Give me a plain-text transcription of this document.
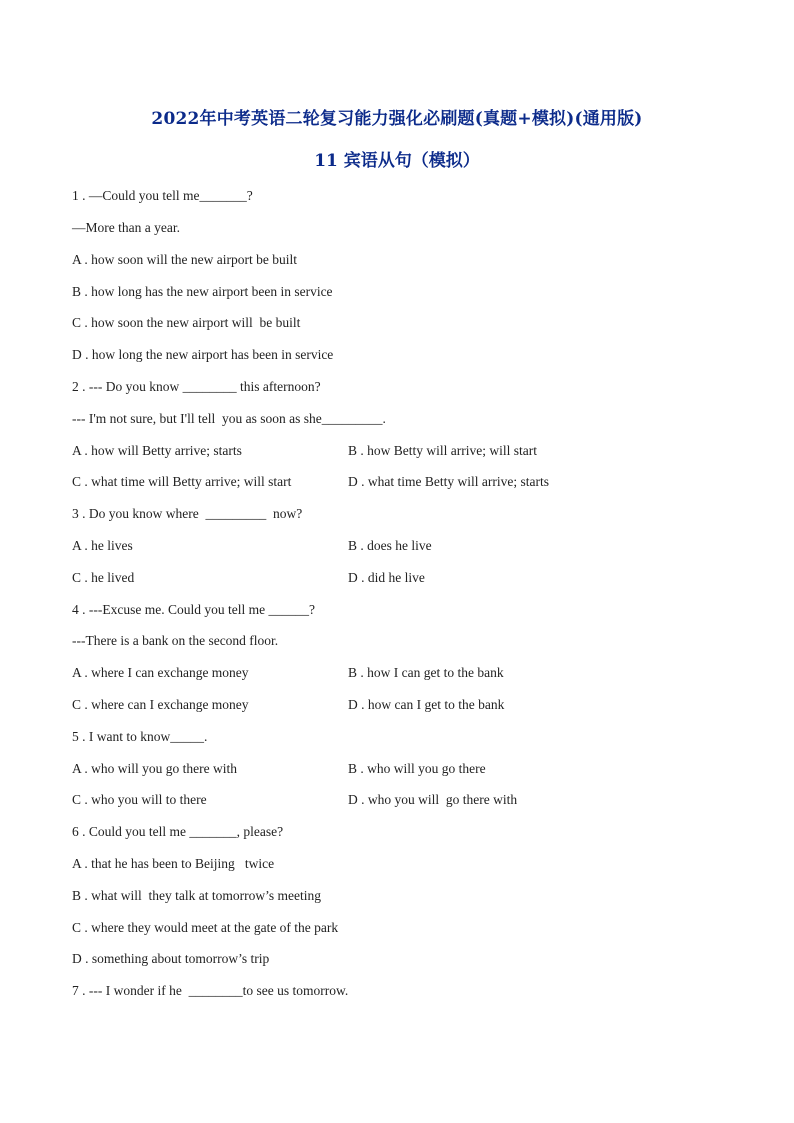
2022年中考英语二轮复习能力强化必刷题(真题+模拟)(通用版)
11 宾语从句（模拟）
1 . —Could you tell me_______?
—More than a year.
A . how soon will the new airport be built
B . how long has the new airport been in service
C . how soon the new airport will  be built
D . how long the new airport has been in service
2 . --- Do you know ________ this afternoon?
--- I'm not sure, but I'll tell  you as soon as she_________.
A . how will Betty arrive; starts	B . how Betty will arrive; will start
C . what time will Betty arrive; will start	D . what time Betty will arrive; starts
3 . Do you know where  _________  now?
A . he lives	B . does he live
C . he lived	D . did he live
4 . ---Excuse me. Could you tell me ______?
---There is a bank on the second floor.
A . where I can exchange money	B . how I can get to the bank
C . where can I exchange money	D . how can I get to the bank
5 . I want to know_____.
A . who will you go there with	B . who will you go there
C . who you will to there	D . who you will  go there with
6 . Could you tell me _______, please?
A . that he has been to Beijing   twice
B . what will  they talk at tomorrow’s meeting
C . where they would meet at the gate of the park
D . something about tomorrow’s trip
7 . --- I wonder if he  ________to see us tomorrow.
